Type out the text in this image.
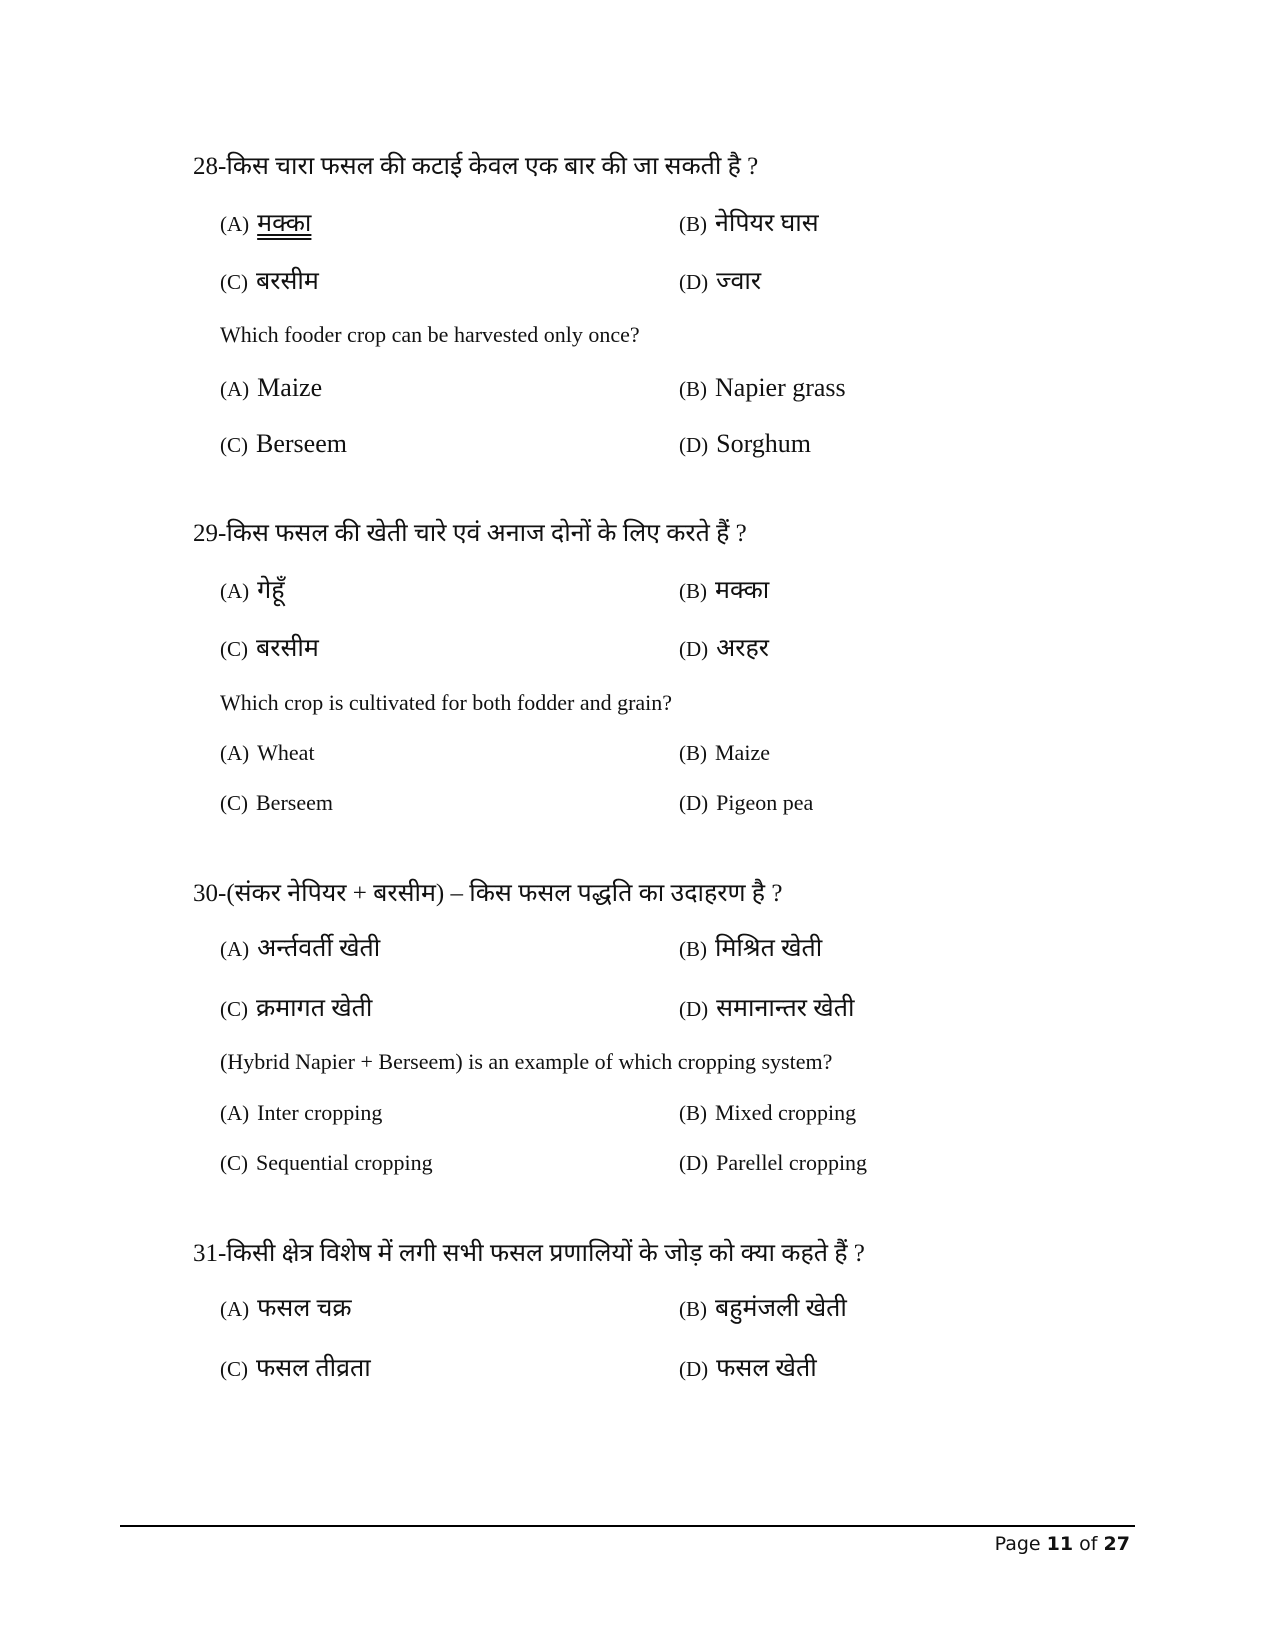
28-किस चारा फसल की कटाई केवल एक बार की जा सकती है ?
(A) मक्का	(B) नेपियर घास
(C) बरसीम	(D) ज्वार
Which fooder crop can be harvested only once?
(A) Maize	(B) Napier grass
(C) Berseem	(D) Sorghum
29-किस फसल की खेती चारे एवं अनाज दोनों के लिए करते हैं ?
(A) गेहूँ	(B) मक्का
(C) बरसीम	(D) अरहर
Which crop is cultivated for both fodder and grain?
(A) Wheat	(B) Maize
(C) Berseem	(D) Pigeon pea
30-(संकर नेपियर + बरसीम) – किस फसल पद्धति का उदाहरण है ?
(A) अर्न्तवर्ती खेती	(B) मिश्रित खेती
(C) क्रमागत खेती	(D) समानान्तर खेती
(Hybrid Napier + Berseem) is an example of which cropping system?
(A) Inter cropping	(B) Mixed cropping
(C) Sequential cropping	(D) Parellel cropping
31-किसी क्षेत्र विशेष में लगी सभी फसल प्रणालियों के जोड़ को क्या कहते हैं ?
(A) फसल चक्र	(B) बहुमंजली खेती
(C) फसल तीव्रता	(D) फसल खेती
Page 11 of 27
